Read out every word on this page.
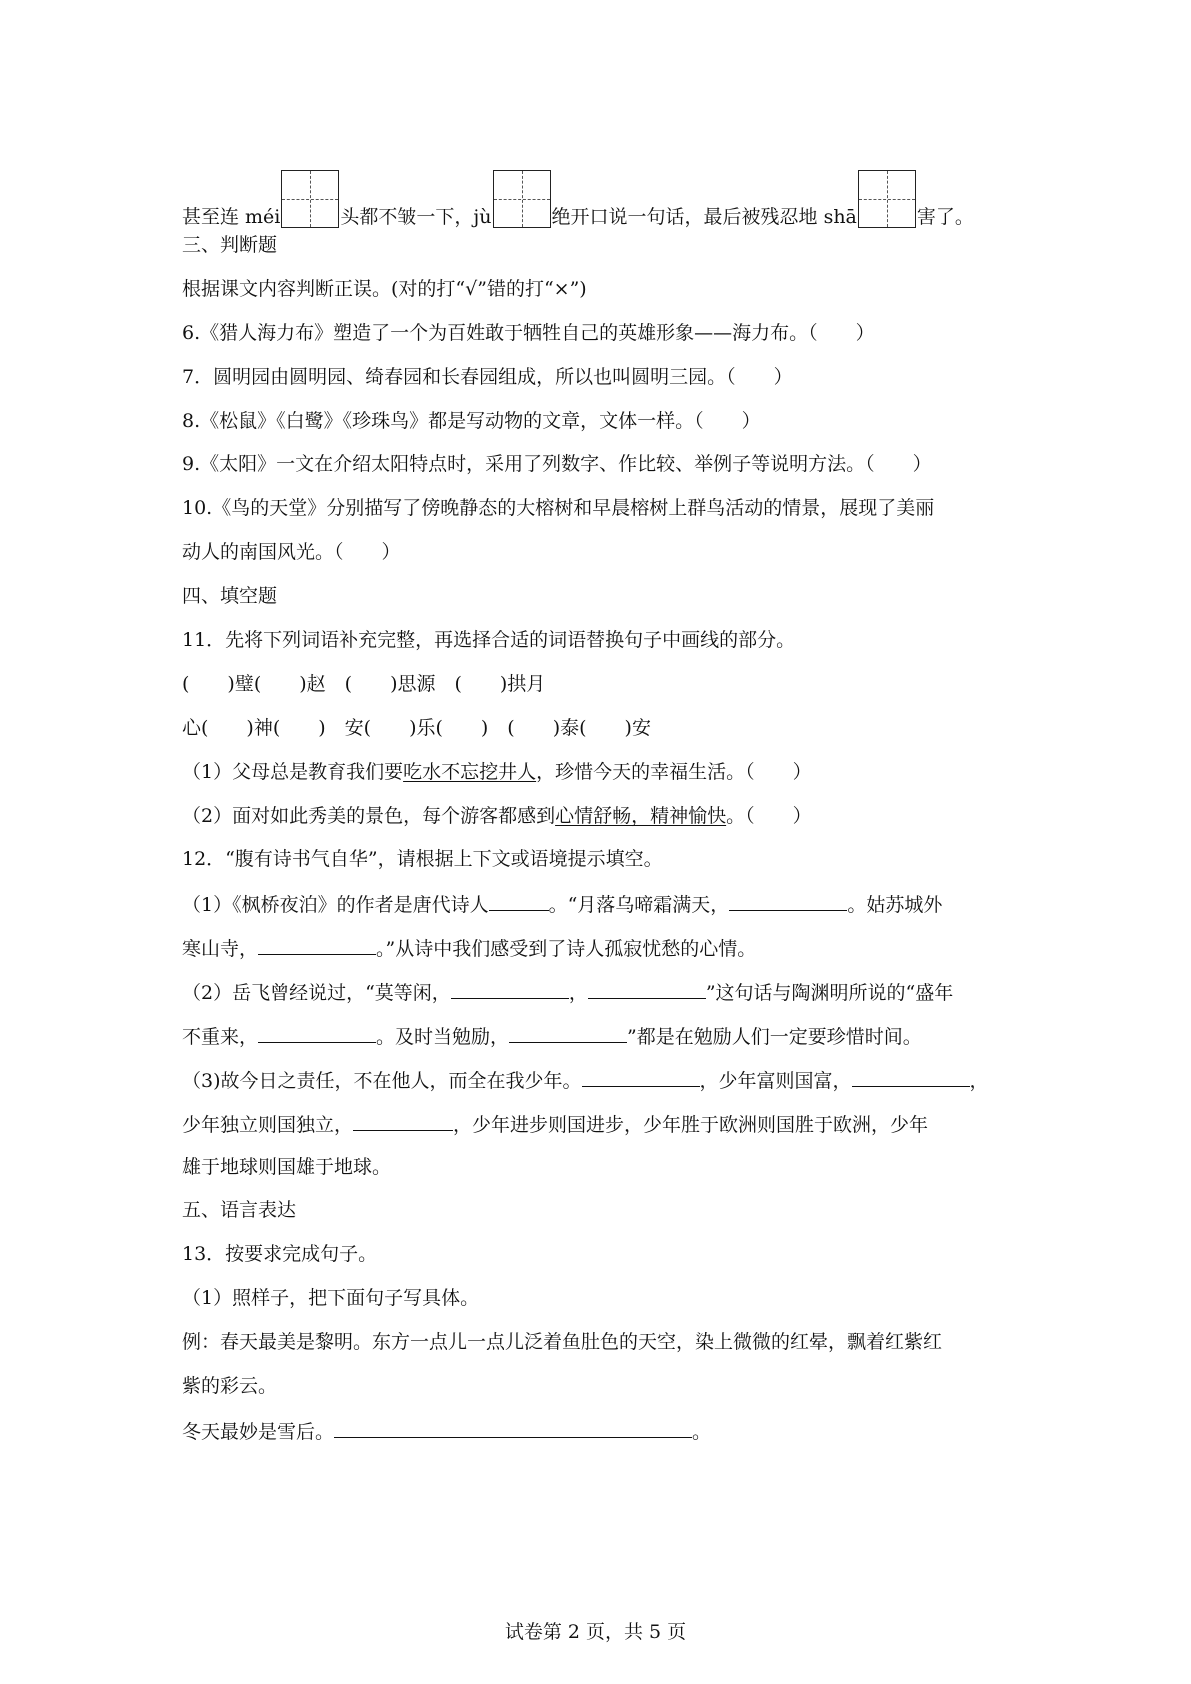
甚至连 méi	头都不皱一下，jù	绝开口说一句话，最后被残忍地 shā	害了。
三、判断题
根据课文内容判断正误。(对的打“√”错的打“×”)
6.《猎人海力布》塑造了一个为百姓敢于牺牲自己的英雄形象——海力布。（　　）
7．圆明园由圆明园、绮春园和长春园组成，所以也叫圆明三园。（　　）
8.《松鼠》《白鹭》《珍珠鸟》都是写动物的文章，文体一样。（　　）
9.《太阳》一文在介绍太阳特点时，采用了列数字、作比较、举例子等说明方法。（　　）
10.《鸟的天堂》分别描写了傍晚静态的大榕树和早晨榕树上群鸟活动的情景，展现了美丽
动人的南国风光。（　　）
四、填空题
11．先将下列词语补充完整，再选择合适的词语替换句子中画线的部分。
(　　)璧(　　)赵　(　　)思源　(　　)拱月
心(　　)神(　　)　安(　　)乐(　　)　(　　)泰(　　)安
（1）父母总是教育我们要吃水不忘挖井人，珍惜今天的幸福生活。（　　）
（2）面对如此秀美的景色，每个游客都感到心情舒畅，精神愉快。（　　）
12．“腹有诗书气自华”，请根据上下文或语境提示填空。
（1）《枫桥夜泊》的作者是唐代诗人	。“月落乌啼霜满天，	。姑苏城外
寒山寺，	。”从诗中我们感受到了诗人孤寂忧愁的心情。
（2）岳飞曾经说过，“莫等闲，	，	”这句话与陶渊明所说的“盛年
不重来，	。及时当勉励，	”都是在勉励人们一定要珍惜时间。
（3)故今日之责任，不在他人，而全在我少年。	，少年富则国富，	，
少年独立则国独立，	，少年进步则国进步，少年胜于欧洲则国胜于欧洲，少年
雄于地球则国雄于地球。
五、语言表达
13．按要求完成句子。
（1）照样子，把下面句子写具体。
例：春天最美是黎明。东方一点儿一点儿泛着鱼肚色的天空，染上微微的红晕，飘着红紫红
紫的彩云。
冬天最妙是雪后。	。
试卷第 2 页，共 5 页
